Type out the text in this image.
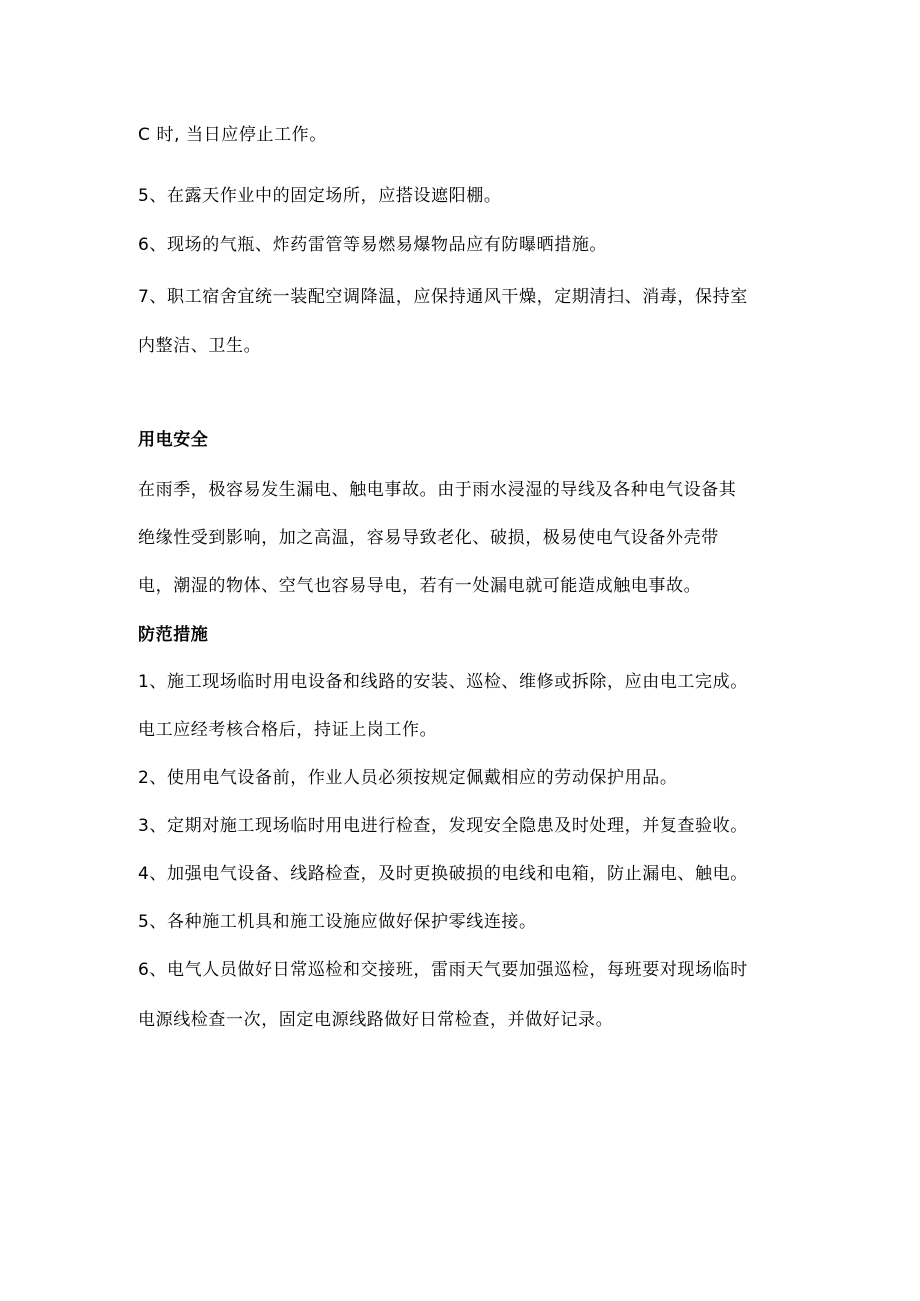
C 时, 当日应停止工作。
5、在露天作业中的固定场所，应搭设遮阳棚。
6、现场的气瓶、炸药雷管等易燃易爆物品应有防曝晒措施。
7、职工宿舍宜统一装配空调降温，应保持通风干燥，定期清扫、消毒，保持室
内整洁、卫生。
用电安全
在雨季，极容易发生漏电、触电事故。由于雨水浸湿的导线及各种电气设备其
绝缘性受到影响，加之高温，容易导致老化、破损，极易使电气设备外壳带
电，潮湿的物体、空气也容易导电，若有一处漏电就可能造成触电事故。
防范措施
1、施工现场临时用电设备和线路的安装、巡检、维修或拆除，应由电工完成。
电工应经考核合格后，持证上岗工作。
2、使用电气设备前，作业人员必须按规定佩戴相应的劳动保护用品。
3、定期对施工现场临时用电进行检查，发现安全隐患及时处理，并复查验收。
4、加强电气设备、线路检查，及时更换破损的电线和电箱，防止漏电、触电。
5、各种施工机具和施工设施应做好保护零线连接。
6、电气人员做好日常巡检和交接班，雷雨天气要加强巡检，每班要对现场临时
电源线检查一次，固定电源线路做好日常检查，并做好记录。
